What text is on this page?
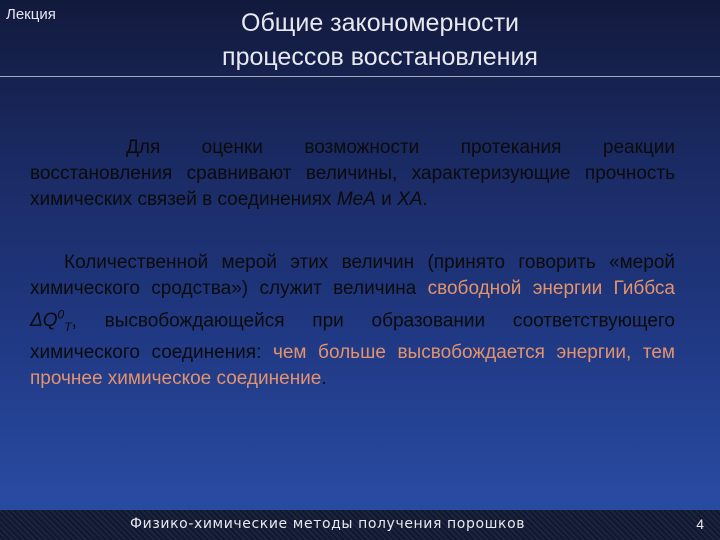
Лекция	Общие закономерности
процессов восстановления
Для оценки возможности протекания реакции восстановления сравнивают величины, характеризующие прочность химических связей в соединениях МеА и ХА.
Количественной мерой этих величин (принято говорить «мерой химического сродства») служит величина свободной энергии Гиббса $\Delta Q^0_T$, высвобождающейся при образовании соответствующего химического соединения: чем больше высвобождается энергии, тем прочнее химическое соединение.
Физико-химические методы получения порошков	4
